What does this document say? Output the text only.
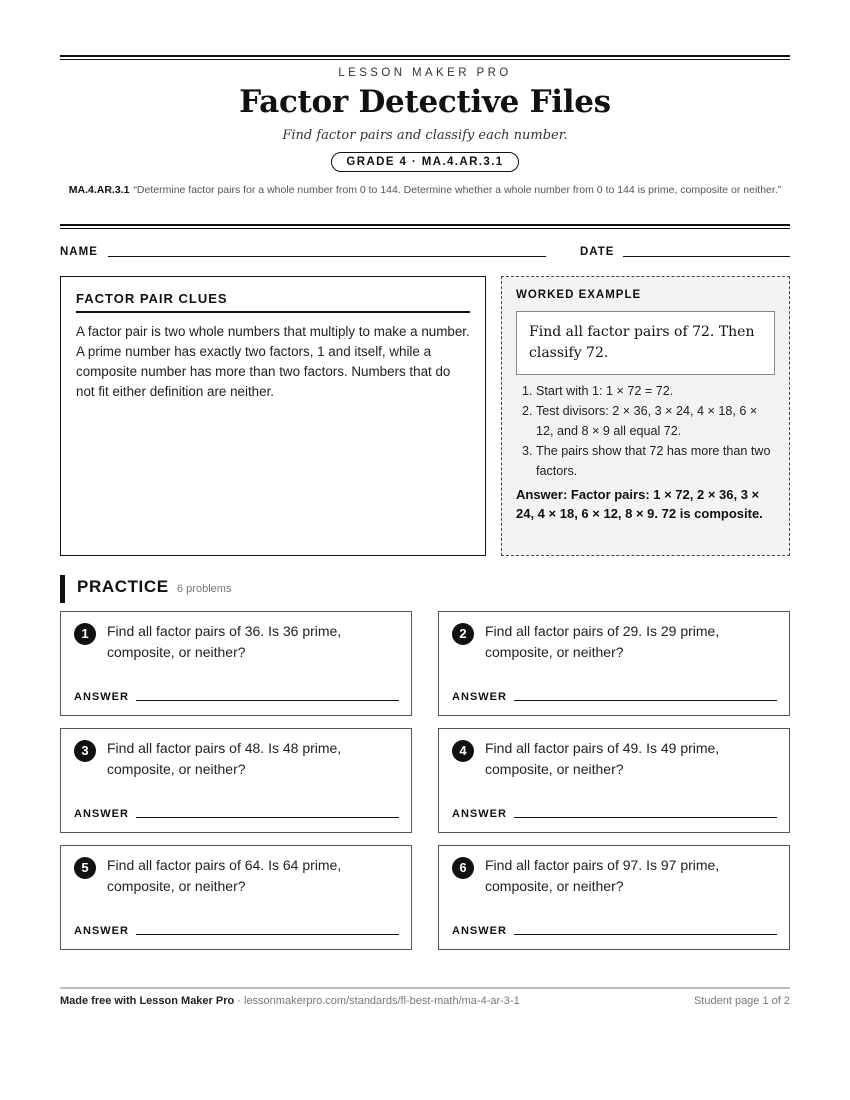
LESSON MAKER PRO
Factor Detective Files
Find factor pairs and classify each number.
GRADE 4 · MA.4.AR.3.1
MA.4.AR.3.1 “Determine factor pairs for a whole number from 0 to 144. Determine whether a whole number from 0 to 144 is prime, composite or neither.”
NAME	DATE
FACTOR PAIR CLUES

A factor pair is two whole numbers that multiply to make a number. A prime number has exactly two factors, 1 and itself, while a composite number has more than two factors. Numbers that do not fit either definition are neither.

WORKED EXAMPLE
Find all factor pairs of 72. Then classify 72.
1. Start with 1: 1 × 72 = 72.
2. Test divisors: 2 × 36, 3 × 24, 4 × 18, 6 × 12, and 8 × 9 all equal 72.
3. The pairs show that 72 has more than two factors.
Answer: Factor pairs: 1 × 72, 2 × 36, 3 × 24, 4 × 18, 6 × 12, 8 × 9. 72 is composite.
PRACTICE 6 problems
1	Find all factor pairs of 36. Is 36 prime, composite, or neither?
ANSWER
2	Find all factor pairs of 29. Is 29 prime, composite, or neither?
ANSWER
3	Find all factor pairs of 48. Is 48 prime, composite, or neither?
ANSWER
4	Find all factor pairs of 49. Is 49 prime, composite, or neither?
ANSWER
5	Find all factor pairs of 64. Is 64 prime, composite, or neither?
ANSWER
6	Find all factor pairs of 97. Is 97 prime, composite, or neither?
ANSWER
Made free with Lesson Maker Pro · lessonmakerpro.com/standards/fl-best-math/ma-4-ar-3-1	Student page 1 of 2
